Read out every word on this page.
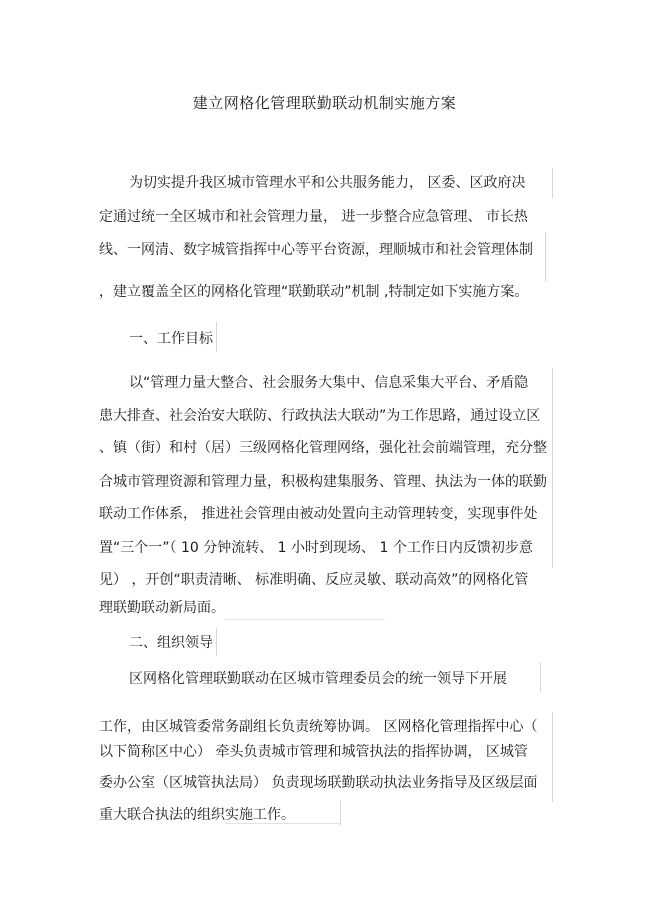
建立网格化管理联勤联动机制实施方案
为切实提升我区城市管理水平和公共服务能力， 区委、区政府决
定通过统一全区城市和社会管理力量， 进一步整合应急管理、 市长热
线、一网清、数字城管指挥中心等平台资源，理顺城市和社会管理体制
，建立覆盖全区的网格化管理“联勤联动”机制 ,特制定如下实施方案。
一、工作目标
以“管理力量大整合、社会服务大集中、信息采集大平台、矛盾隐
患大排查、社会治安大联防、行政执法大联动”为工作思路，通过设立区
、镇（街）和村（居）三级网格化管理网络，强化社会前端管理，充分整
合城市管理资源和管理力量，积极构建集服务、管理、执法为一体的联勤
联动工作体系， 推进社会管理由被动处置向主动管理转变，实现事件处
置“三个一”（ 10 分钟流转、 1 小时到现场、 1 个工作日内反馈初步意
见） ，开创“职责清晰、 标准明确、反应灵敏、联动高效”的网格化管
理联勤联动新局面。
二、组织领导
区网格化管理联勤联动在区城市管理委员会的统一领导下开展
工作，由区城管委常务副组长负责统筹协调。 区网格化管理指挥中心（
以下简称区中心） 牵头负责城市管理和城管执法的指挥协调， 区城管
委办公室（区城管执法局） 负责现场联勤联动执法业务指导及区级层面
重大联合执法的组织实施工作。
